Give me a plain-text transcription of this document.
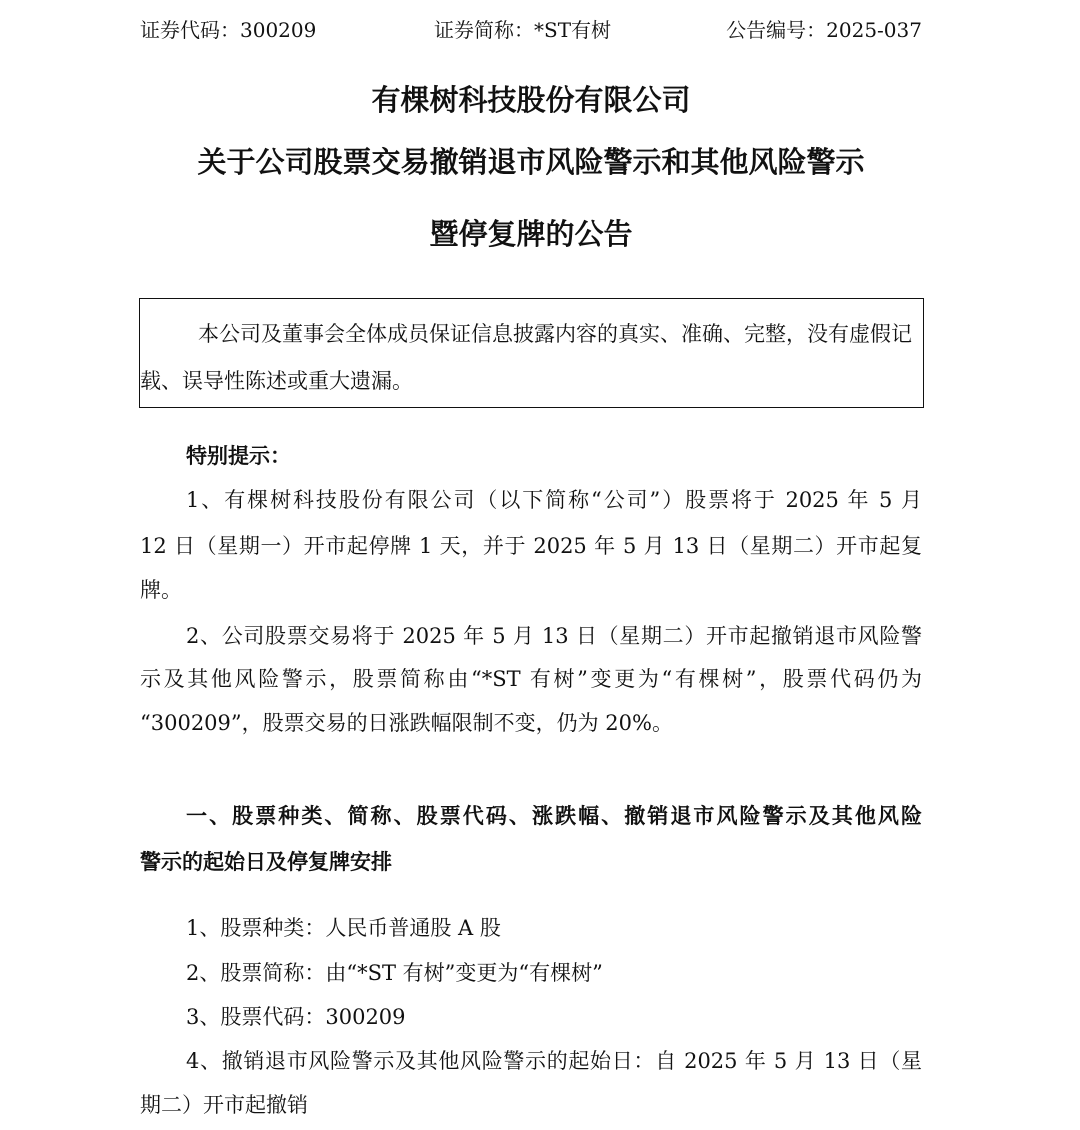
证券代码：300209	证券简称：*ST有树	公告编号：2025-037
有棵树科技股份有限公司
关于公司股票交易撤销退市风险警示和其他风险警示
暨停复牌的公告
本公司及董事会全体成员保证信息披露内容的真实、准确、完整，没有虚假记载、误导性陈述或重大遗漏。
特别提示：
1、有棵树科技股份有限公司（以下简称“公司”）股票将于 2025 年 5 月
12 日（星期一）开市起停牌 1 天，并于 2025 年 5 月 13 日（星期二）开市起复
牌。
2、公司股票交易将于 2025 年 5 月 13 日（星期二）开市起撤销退市风险警
示及其他风险警示，股票简称由“*ST 有树”变更为“有棵树”，股票代码仍为
“300209”，股票交易的日涨跌幅限制不变，仍为 20%。
一、股票种类、简称、股票代码、涨跌幅、撤销退市风险警示及其他风险
警示的起始日及停复牌安排
1、股票种类：人民币普通股 A 股
2、股票简称：由“*ST 有树”变更为“有棵树”
3、股票代码：300209
4、撤销退市风险警示及其他风险警示的起始日：自 2025 年 5 月 13 日（星
期二）开市起撤销
